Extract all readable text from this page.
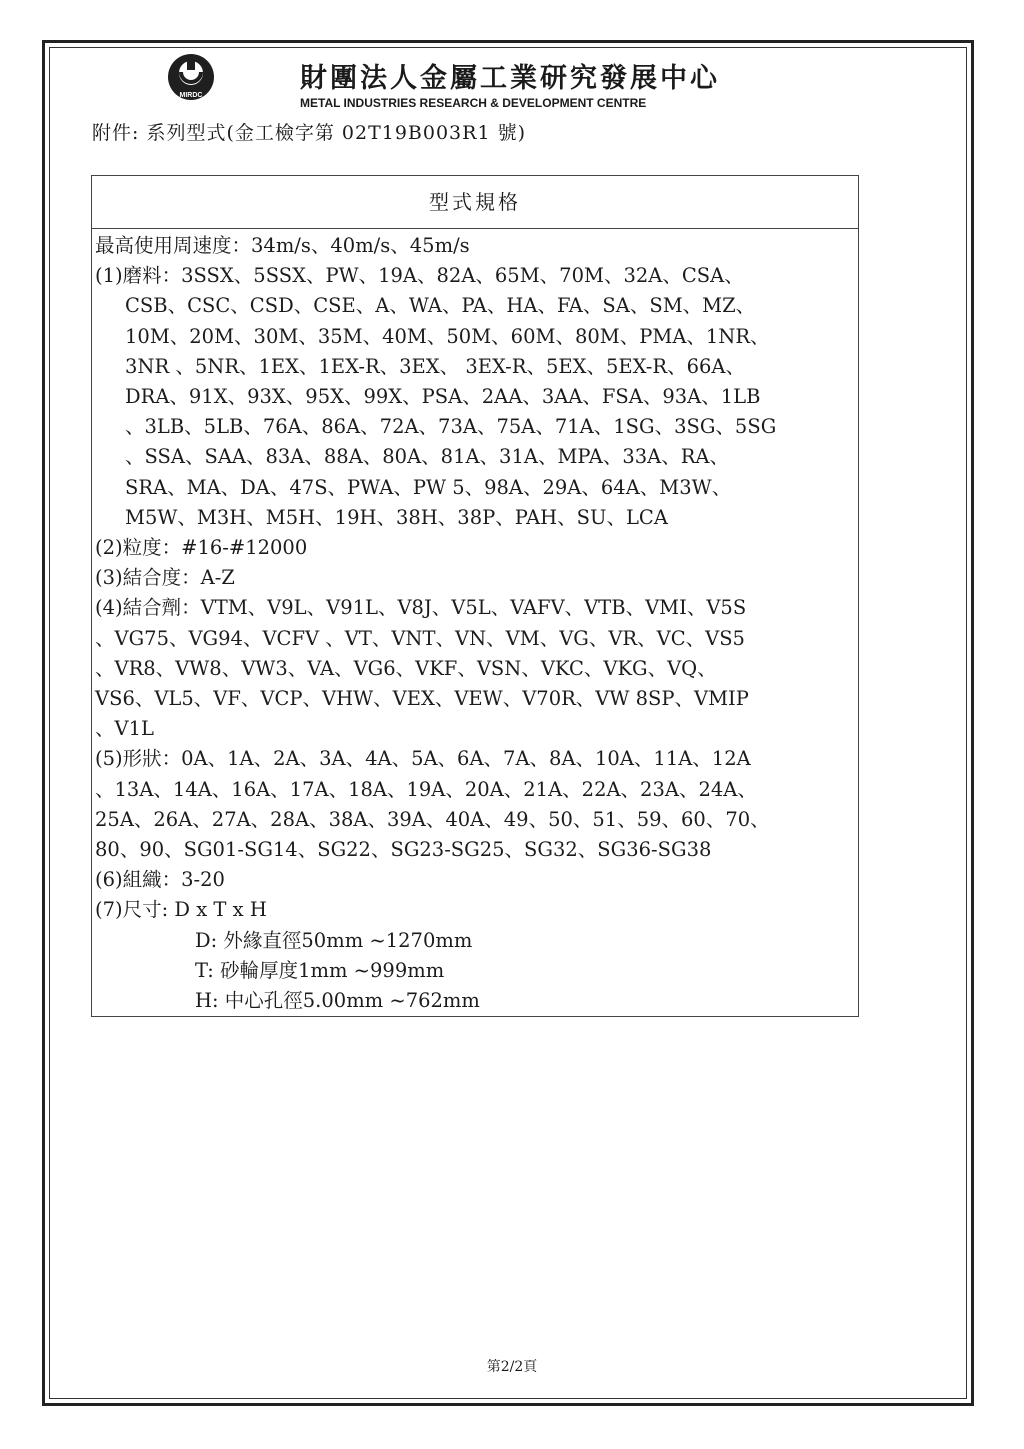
MIRDC
財團法人金屬工業研究發展中心
METAL INDUSTRIES RESEARCH & DEVELOPMENT CENTRE
附件: 系列型式(金工檢字第 02T19B003R1 號)
型式規格
最高使用周速度：34m/s、40m/s、45m/s
(1)磨料：3SSX、5SSX、PW、19A、82A、65M、70M、32A、CSA、
CSB、CSC、CSD、CSE、A、WA、PA、HA、FA、SA、SM、MZ、
10M、20M、30M、35M、40M、50M、60M、80M、PMA、1NR、
3NR 、5NR、1EX、1EX-R、3EX、 3EX-R、5EX、5EX-R、66A、
DRA、91X、93X、95X、99X、PSA、2AA、3AA、FSA、93A、1LB
、3LB、5LB、76A、86A、72A、73A、75A、71A、1SG、3SG、5SG
、SSA、SAA、83A、88A、80A、81A、31A、MPA、33A、RA、
SRA、MA、DA、47S、PWA、PW 5、98A、29A、64A、M3W、
M5W、M3H、M5H、19H、38H、38P、PAH、SU、LCA
(2)粒度：#16-#12000
(3)結合度：A-Z
(4)結合劑：VTM、V9L、V91L、V8J、V5L、VAFV、VTB、VMI、V5S
、VG75、VG94、VCFV 、VT、VNT、VN、VM、VG、VR、VC、VS5
、VR8、VW8、VW3、VA、VG6、VKF、VSN、VKC、VKG、VQ、
VS6、VL5、VF、VCP、VHW、VEX、VEW、V70R、VW 8SP、VMIP
、V1L
(5)形狀：0A、1A、2A、3A、4A、5A、6A、7A、8A、10A、11A、12A
、13A、14A、16A、17A、18A、19A、20A、21A、22A、23A、24A、
25A、26A、27A、28A、38A、39A、40A、49、50、51、59、60、70、
80、90、SG01-SG14、SG22、SG23-SG25、SG32、SG36-SG38
(6)組織：3-20
(7)尺寸: D x T x H
D: 外緣直徑50mm ~1270mm
T: 砂輪厚度1mm ~999mm
H: 中心孔徑5.00mm ~762mm
第2/2頁
